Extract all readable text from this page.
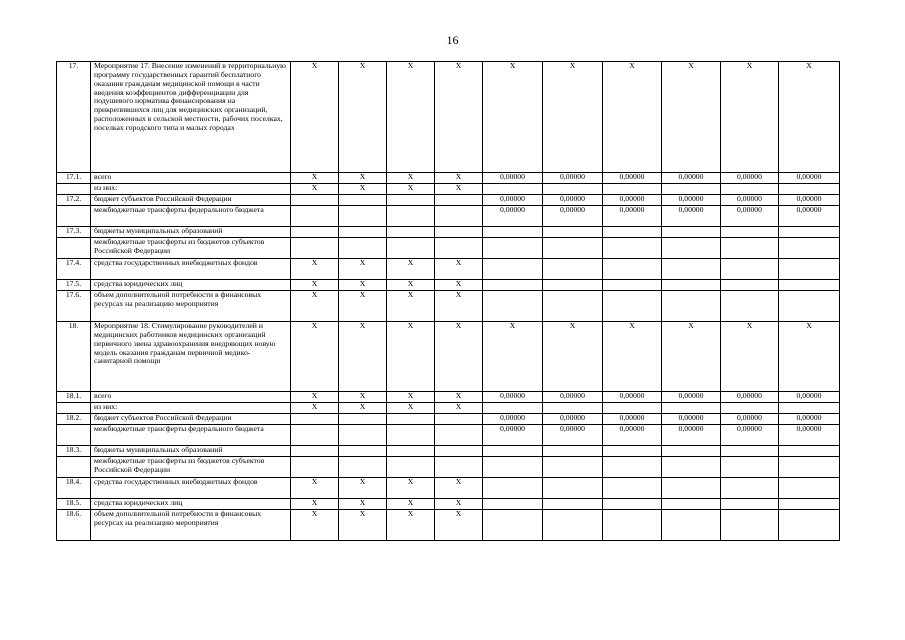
16
17.	Мероприятие 17. Внесение изменений в территориальную программу государственных гарантий бесплатного оказания гражданам медицинской помощи в части введения коэффициентов дифференциации для подушевого норматива финансирования на прикрепившихся лиц для медицинских организаций, расположенных в сельской местности, рабочих поселках, поселках городского типа и малых городах	Х	Х	Х	Х	Х	Х	Х	Х	Х	Х
17.1.	всего	Х	Х	Х	Х	0,00000	0,00000	0,00000	0,00000	0,00000	0,00000
	из них:	Х	Х	Х	Х						
17.2.	бюджет субъектов Российской Федерации					0,00000	0,00000	0,00000	0,00000	0,00000	0,00000
	межбюджетные трансферты федерального бюджета					0,00000	0,00000	0,00000	0,00000	0,00000	0,00000
17.3.	бюджеты муниципальных образований										
	межбюджетные трансферты из бюджетов субъектов Российской Федерации										
17.4.	средства государственных внебюджетных фондов	Х	Х	Х	Х						
17.5.	средства юридических лиц	Х	Х	Х	Х						
17.6.	объем дополнительной потребности в финансовых ресурсах на реализацию мероприятия	Х	Х	Х	Х						
18.	Мероприятие 18. Стимулирование руководителей и медицинских работников медицинских организаций первичного звена здравоохранения внедряющих новую модель оказания гражданам первичной медико-санитарной помощи	Х	Х	Х	Х	Х	Х	Х	Х	Х	Х
18.1.	всего	Х	Х	Х	Х	0,00000	0,00000	0,00000	0,00000	0,00000	0,00000
	из них:	Х	Х	Х	Х						
18.2.	бюджет субъектов Российской Федерации					0,00000	0,00000	0,00000	0,00000	0,00000	0,00000
	межбюджетные трансферты федерального бюджета					0,00000	0,00000	0,00000	0,00000	0,00000	0,00000
18.3.	бюджеты муниципальных образований										
	межбюджетные трансферты из бюджетов субъектов Российской Федерации										
18.4.	средства государственных внебюджетных фондов	Х	Х	Х	Х						
18.5.	средства юридических лиц	Х	Х	Х	Х						
18.6.	объем дополнительной потребности в финансовых ресурсах на реализацию мероприятия	Х	Х	Х	Х						
